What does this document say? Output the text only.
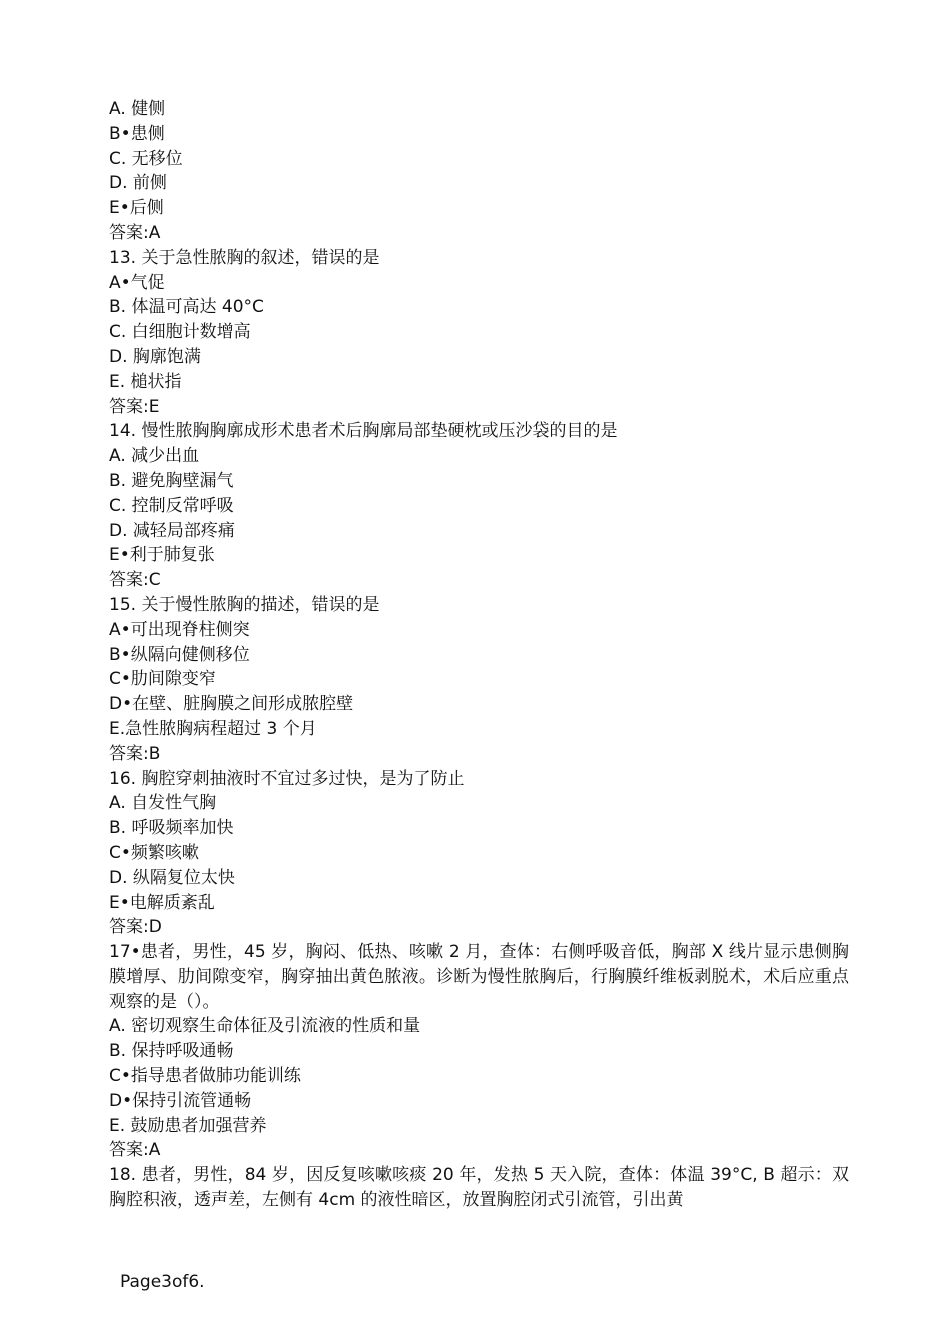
A. 健侧
B•患侧
C. 无移位
D. 前侧
E•后侧
答案:A
13. 关于急性脓胸的叙述，错误的是
A•气促
B. 体温可高达 40°C
C. 白细胞计数增高
D. 胸廓饱满
E. 槌状指
答案:E
14. 慢性脓胸胸廓成形术患者术后胸廓局部垫硬枕或压沙袋的目的是
A. 减少出血
B. 避免胸壁漏气
C. 控制反常呼吸
D. 减轻局部疼痛
E•利于肺复张
答案:C
15. 关于慢性脓胸的描述，错误的是
A•可出现脊柱侧突
B•纵隔向健侧移位
C•肋间隙变窄
D•在壁、脏胸膜之间形成脓腔壁
E.急性脓胸病程超过 3 个月
答案:B
16. 胸腔穿刺抽液时不宜过多过快，是为了防止
A. 自发性气胸
B. 呼吸频率加快
C•频繁咳嗽
D. 纵隔复位太快
E•电解质紊乱
答案:D
17•患者，男性，45 岁，胸闷、低热、咳嗽 2 月，查体：右侧呼吸音低，胸部 X 线片显示患侧胸膜增厚、肋间隙变窄，胸穿抽出黄色脓液。诊断为慢性脓胸后，行胸膜纤维板剥脱术，术后应重点观察的是（）。
A. 密切观察生命体征及引流液的性质和量
B. 保持呼吸通畅
C•指导患者做肺功能训练
D•保持引流管通畅
E. 鼓励患者加强营养
答案:A
18. 患者，男性，84 岁，因反复咳嗽咳痰 20 年，发热 5 天入院，查体：体温 39°C, B 超示：双胸腔积液，透声差，左侧有 4cm 的液性暗区，放置胸腔闭式引流管，引出黄
Page3of6.
